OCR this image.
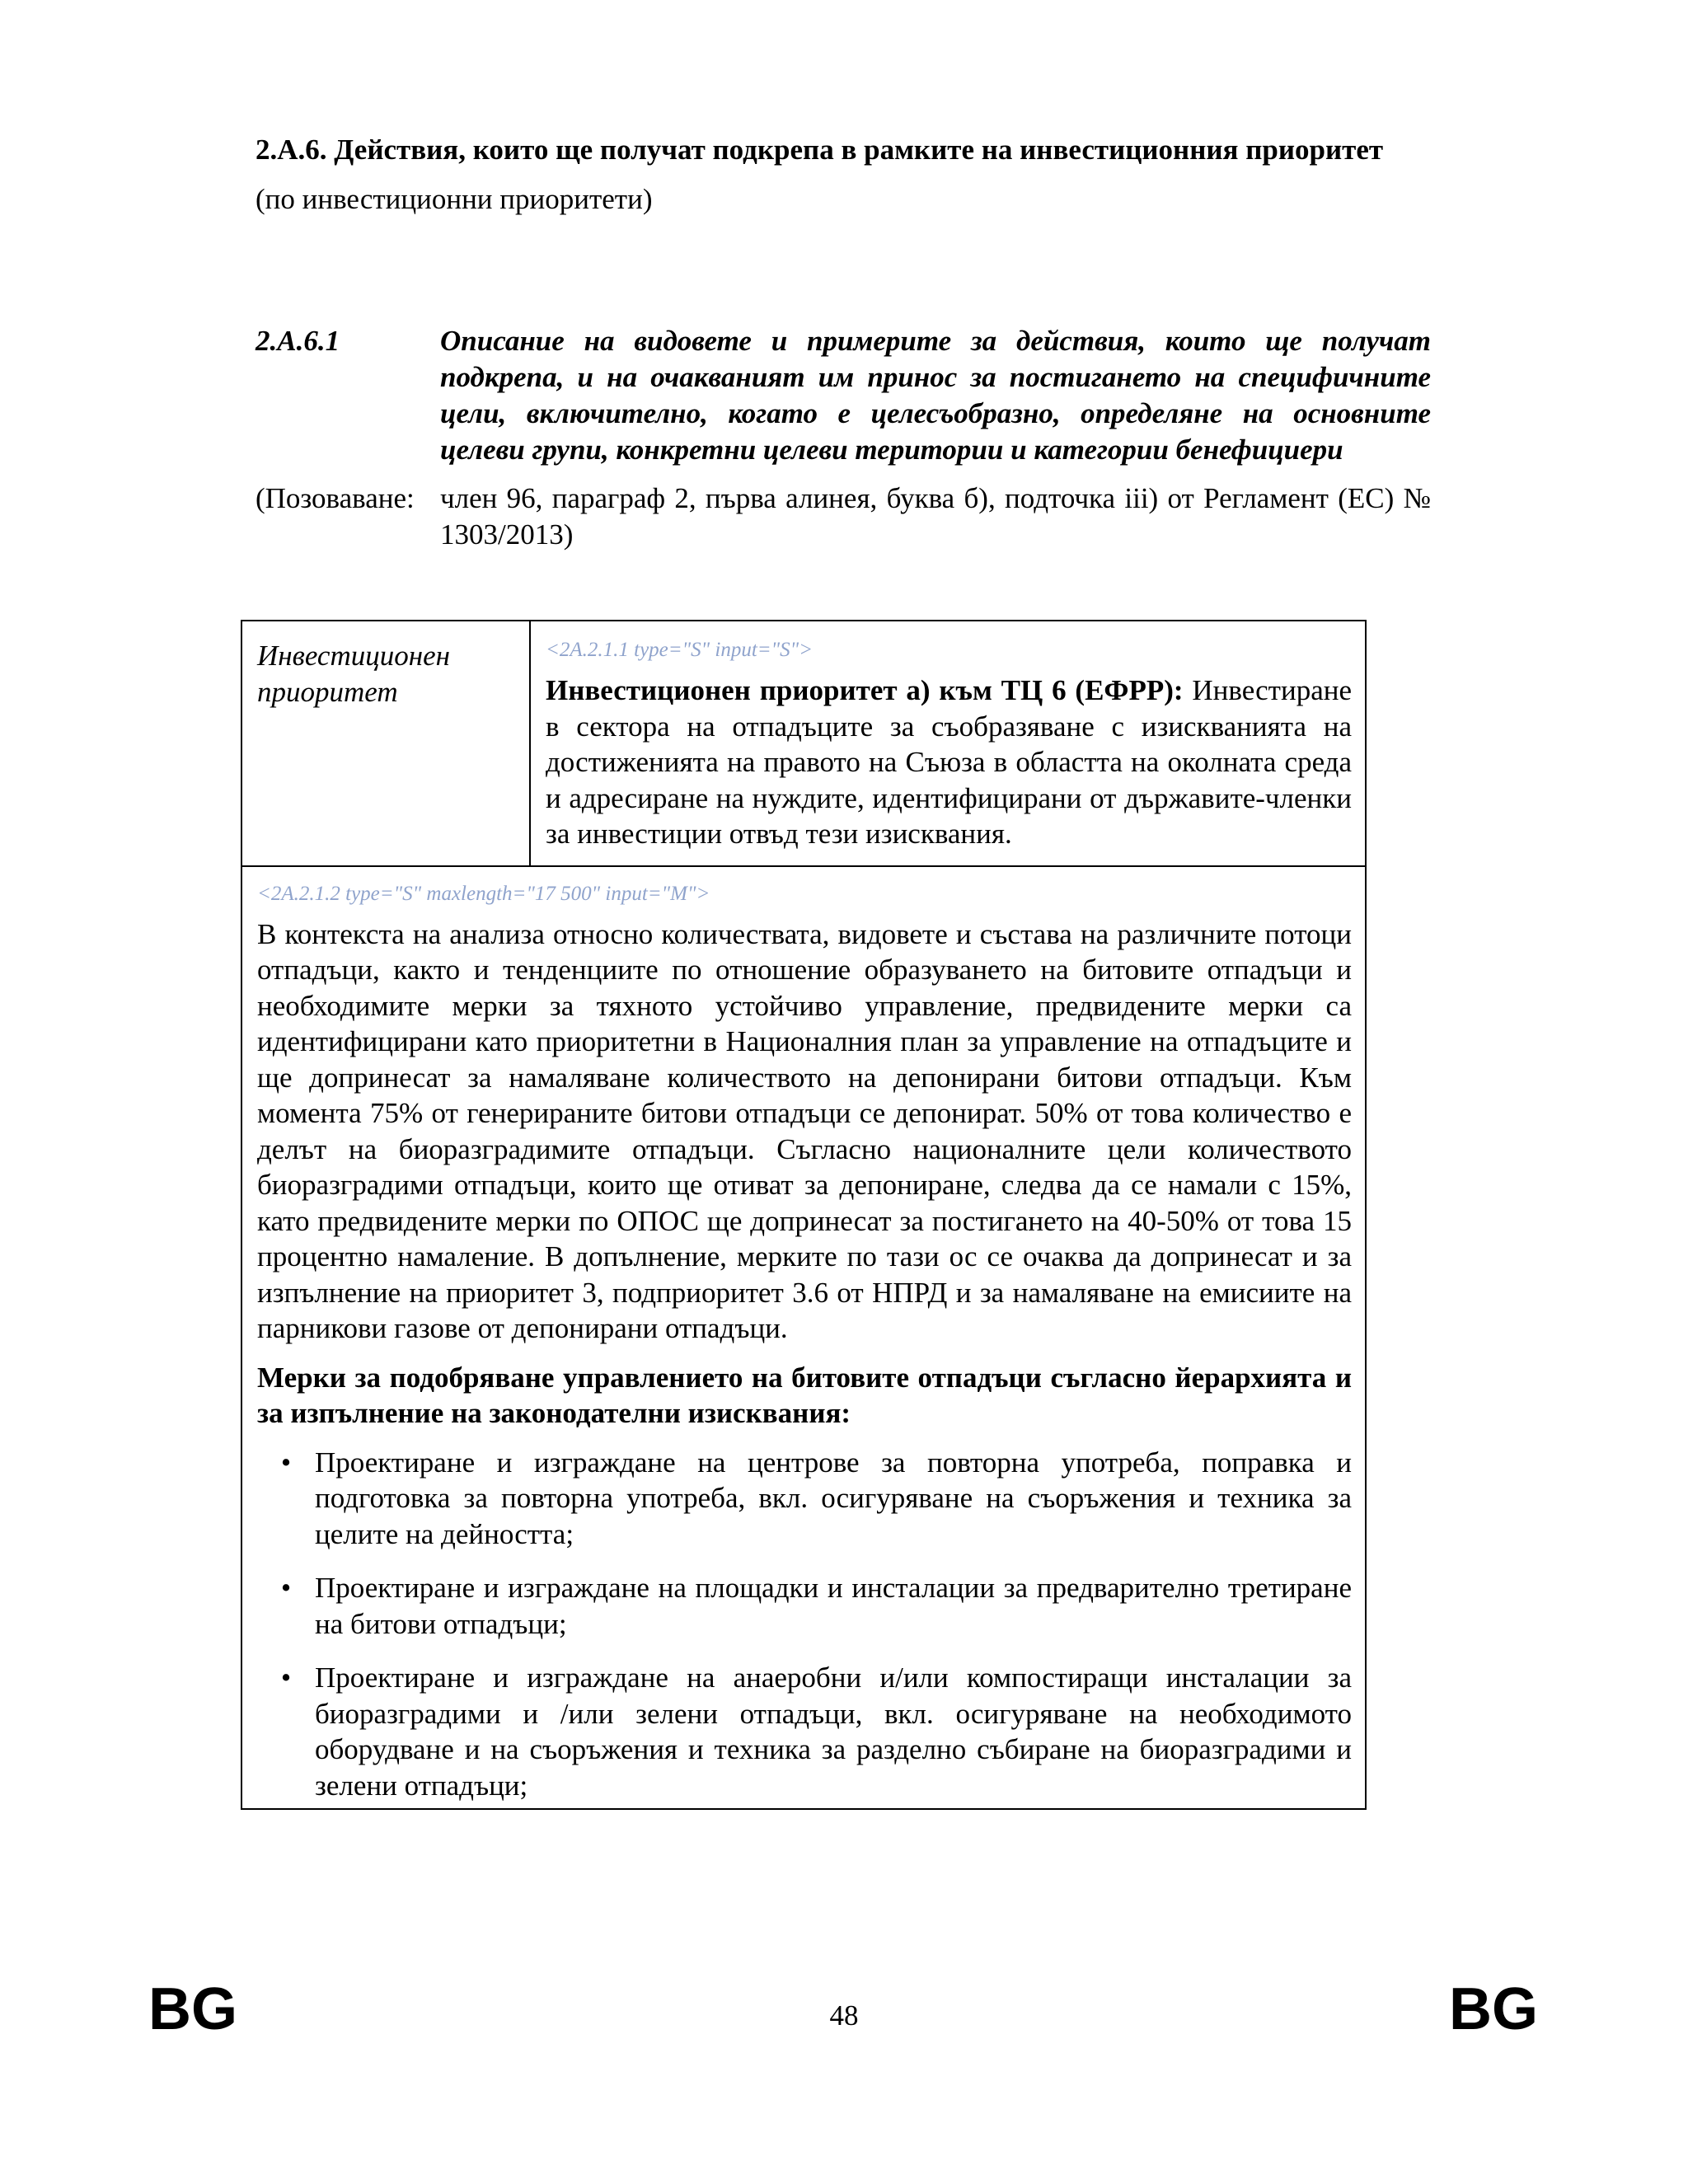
2.A.6. Действия, които ще получат подкрепа в рамките на инвестиционния приоритет

(по инвестиционни приоритети)

2.A.6.1	Описание на видовете и примерите за действия, които ще получат подкрепа, и на очакваният им принос за постигането на специфичните цели, включително, когато е целесъобразно, определяне на основните целеви групи, конкретни целеви територии и категории бенефициери
(Позоваване: член 96, параграф 2, първа алинея, буква б), подточка iii) от Регламент (ЕС) № 1303/2013)
Инвестиционен приоритет
<2A.2.1.1 type="S" input="S">
Инвестиционен приоритет а) към ТЦ 6 (ЕФРР): Инвестиране в сектора на отпадъците за съобразяване с изискванията на достиженията на правото на Съюза в областта на околната среда и адресиране на нуждите, идентифицирани от държавите-членки за инвестиции отвъд тези изисквания.
<2A.2.1.2 type="S" maxlength="17 500" input="M">

В контекста на анализа относно количествата, видовете и състава на различните потоци отпадъци, както и тенденциите по отношение образуването на битовите отпадъци и необходимите мерки за тяхното устойчиво управление, предвидените мерки са идентифицирани като приоритетни в Националния план за управление на отпадъците и ще допринесат за намаляване количеството на депонирани битови отпадъци. Към момента 75% от генерираните битови отпадъци се депонират. 50% от това количество е делът на биоразградимите отпадъци. Съгласно националните цели количеството биоразградими отпадъци, които ще отиват за депониране, следва да се намали с 15%, като предвидените мерки по ОПОС ще допринесат за постигането на 40-50% от това 15 процентно намаление. В допълнение, мерките по тази ос се очаква да допринесат и за изпълнение на приоритет 3, подприоритет 3.6 от НПРД и за намаляване на емисиите на парникови газове от депонирани отпадъци.

Мерки за подобряване управлението на битовите отпадъци съгласно йерархията и за изпълнение на законодателни изисквания:

• Проектиране и изграждане на центрове за повторна употреба, поправка и подготовка за повторна употреба, вкл. осигуряване на съоръжения и техника за целите на дейността;
• Проектиране и изграждане на площадки и инсталации за предварително третиране на битови отпадъци;
• Проектиране и изграждане на анаеробни и/или компостиращи инсталации за биоразградими и /или зелени отпадъци, вкл. осигуряване на необходимото оборудване и на съоръжения и техника за разделно събиране на биоразградими и зелени отпадъци;
BG	48	BG
